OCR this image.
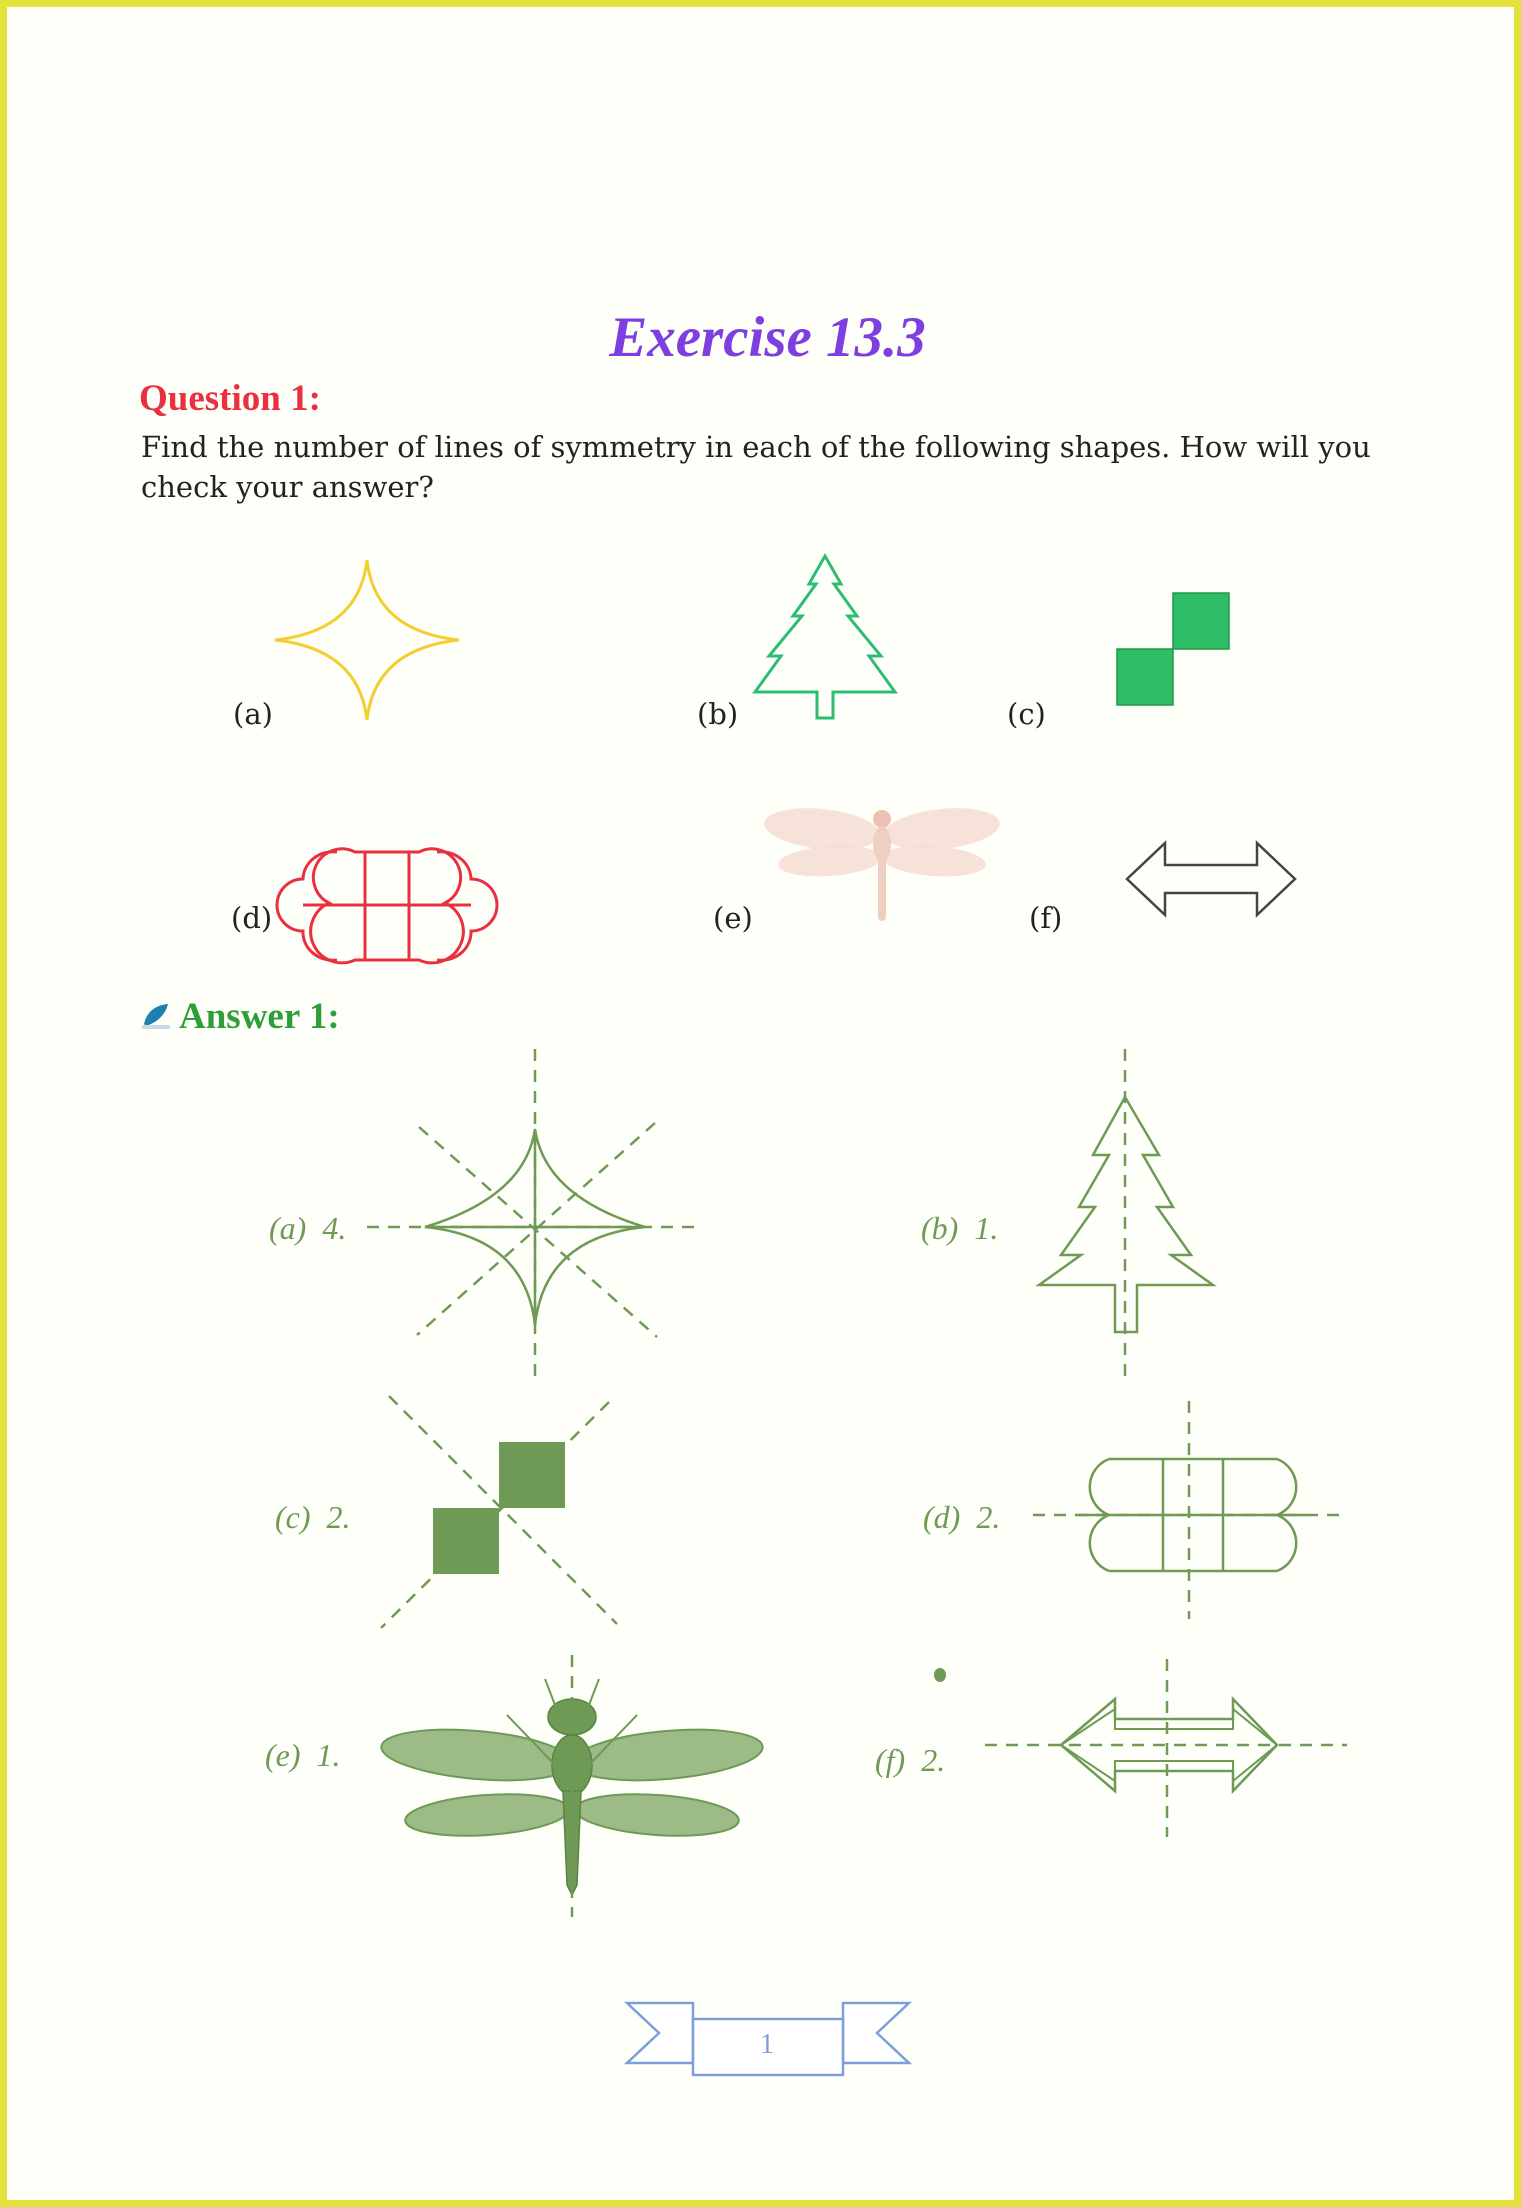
Exercise 13.3
Question 1:
Find the number of lines of symmetry in each of the following shapes. How will you check your answer?
(a)	(b)	(c)
(d)	(e)	(f)
Answer 1:
(a)  4.	(b)  1.
(c)  2.	(d)  2.
(e)  1.	(f)  2.
1
